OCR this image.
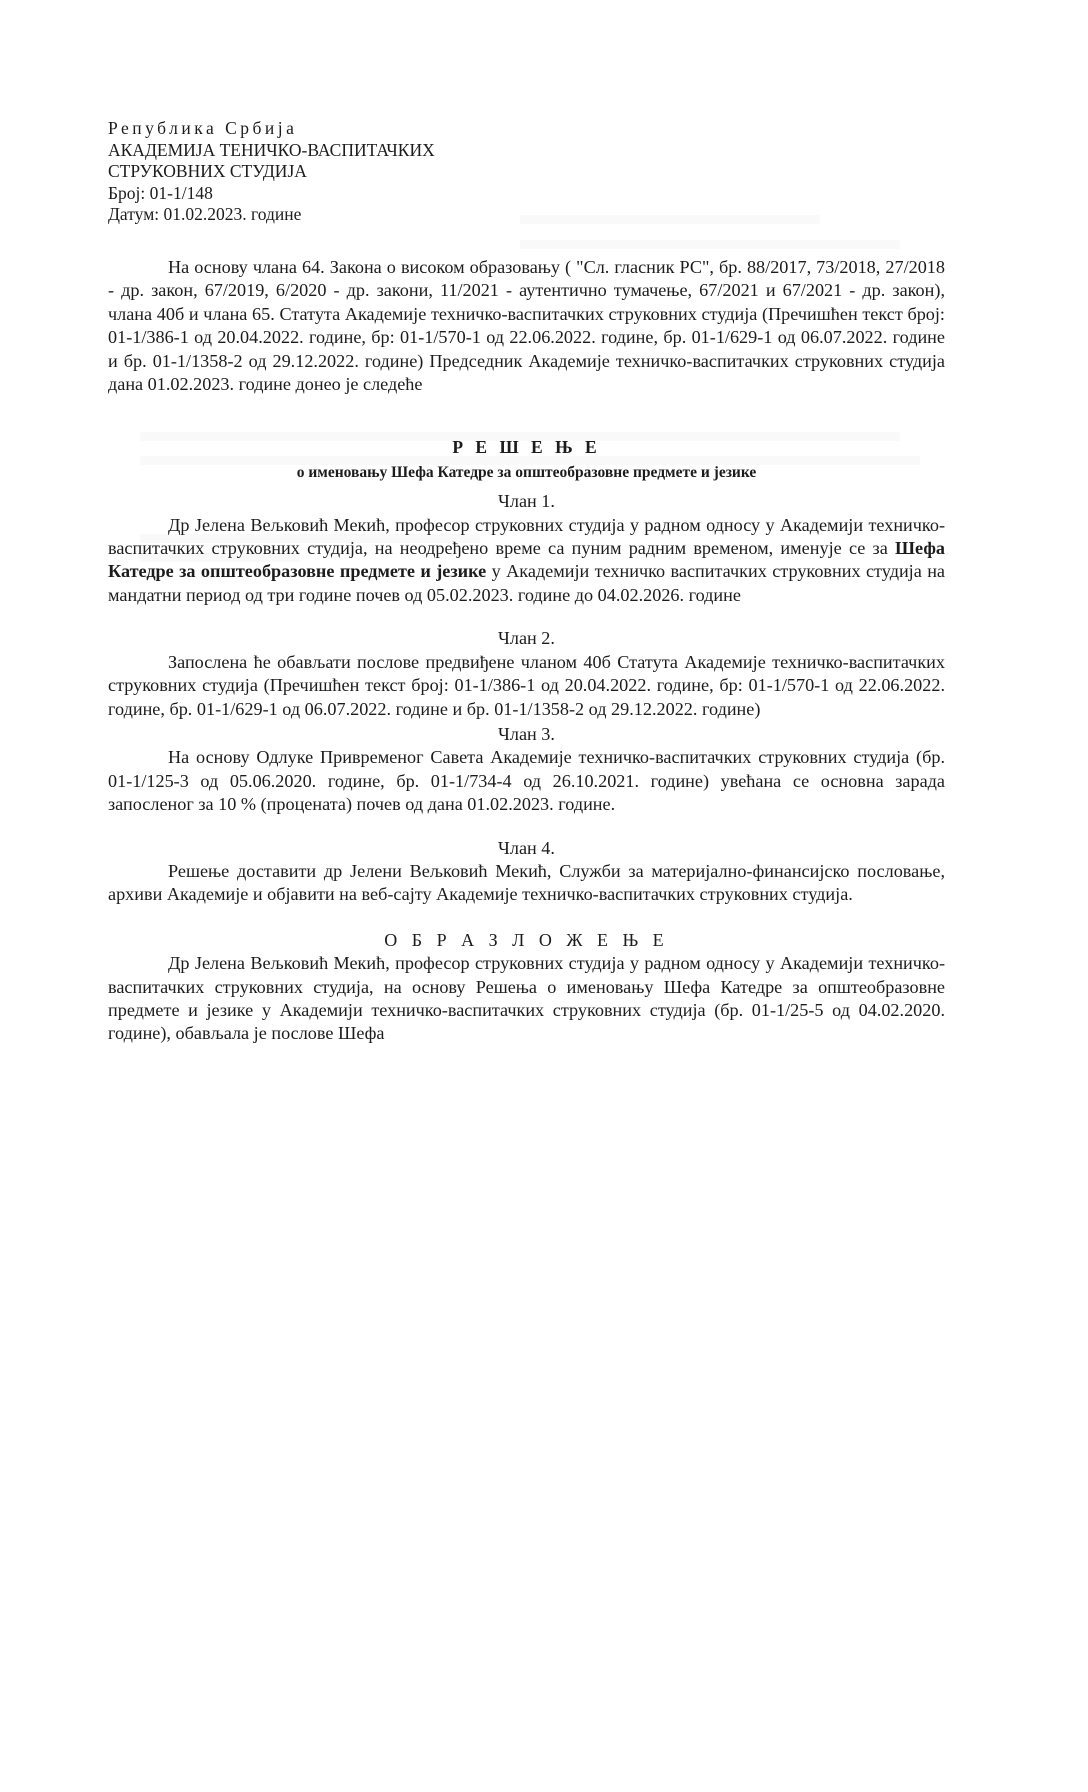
Република Србија
АКАДЕМИЈА ТЕНИЧКО-ВАСПИТАЧКИХ
СТРУКОВНИХ СТУДИЈА
Број: 01-1/148
Датум: 01.02.2023. године

На основу члана 64. Закона о високом образовању ( "Сл. гласник РС", бр. 88/2017, 73/2018, 27/2018 - др. закон, 67/2019, 6/2020 - др. закони, 11/2021 - аутентично тумачење, 67/2021 и 67/2021 - др. закон), члана 40б и члана 65. Статута Академије техничко-васпитачких струковних студија (Пречишћен текст број: 01-1/386-1 од 20.04.2022. године, бр: 01-1/570-1 од 22.06.2022. године, бр. 01-1/629-1 од 06.07.2022. године и бр. 01-1/1358-2 од 29.12.2022. године) Председник Академије техничко-васпитачких струковних студија дана 01.02.2023. године донео је следеће

Р Е Ш Е Њ Е
о именовању Шефа Катедре за општеобразовне предмете и језике
Члан 1.

Др Јелена Вељковић Мекић, професор струковних студија у радном односу у Академији техничко-васпитачких струковних студија, на неодређено време са пуним радним временом, именује се за Шефа Катедре за општеобразовне предмете и језике у Академији техничко васпитачких струковних студија на мандатни период од три године почев од 05.02.2023. године до 04.02.2026. године

Члан 2.

Запослена ће обављати послове предвиђене чланом 40б Статута Академије техничко-васпитачких струковних студија (Пречишћен текст број: 01-1/386-1 од 20.04.2022. године, бр: 01-1/570-1 од 22.06.2022. године, бр. 01-1/629-1 од 06.07.2022. године и бр. 01-1/1358-2 од 29.12.2022. године)

Члан 3.

На основу Одлуке Привременог Савета Академије техничко-васпитачких струковних студија (бр. 01-1/125-3 од 05.06.2020. године, бр. 01-1/734-4 од 26.10.2021. године) увећана се основна зарада запосленог за 10 % (процената) почев од дана 01.02.2023. године.

Члан 4.

Решење доставити др Јелени Вељковић Мекић, Служби за материјално-финансијско пословање, архиви Академије и објавити на веб-сајту Академије техничко-васпитачких струковних студија.

О Б Р А З Л О Ж Е Њ Е

Др Јелена Вељковић Мекић, професор струковних студија у радном односу у Академији техничко-васпитачких струковних студија, на основу Решења о именовању Шефа Катедре за општеобразовне предмете и језике у Академији техничко-васпитачких струковних студија (бр. 01-1/25-5 од 04.02.2020. године), обављала је послове Шефа
